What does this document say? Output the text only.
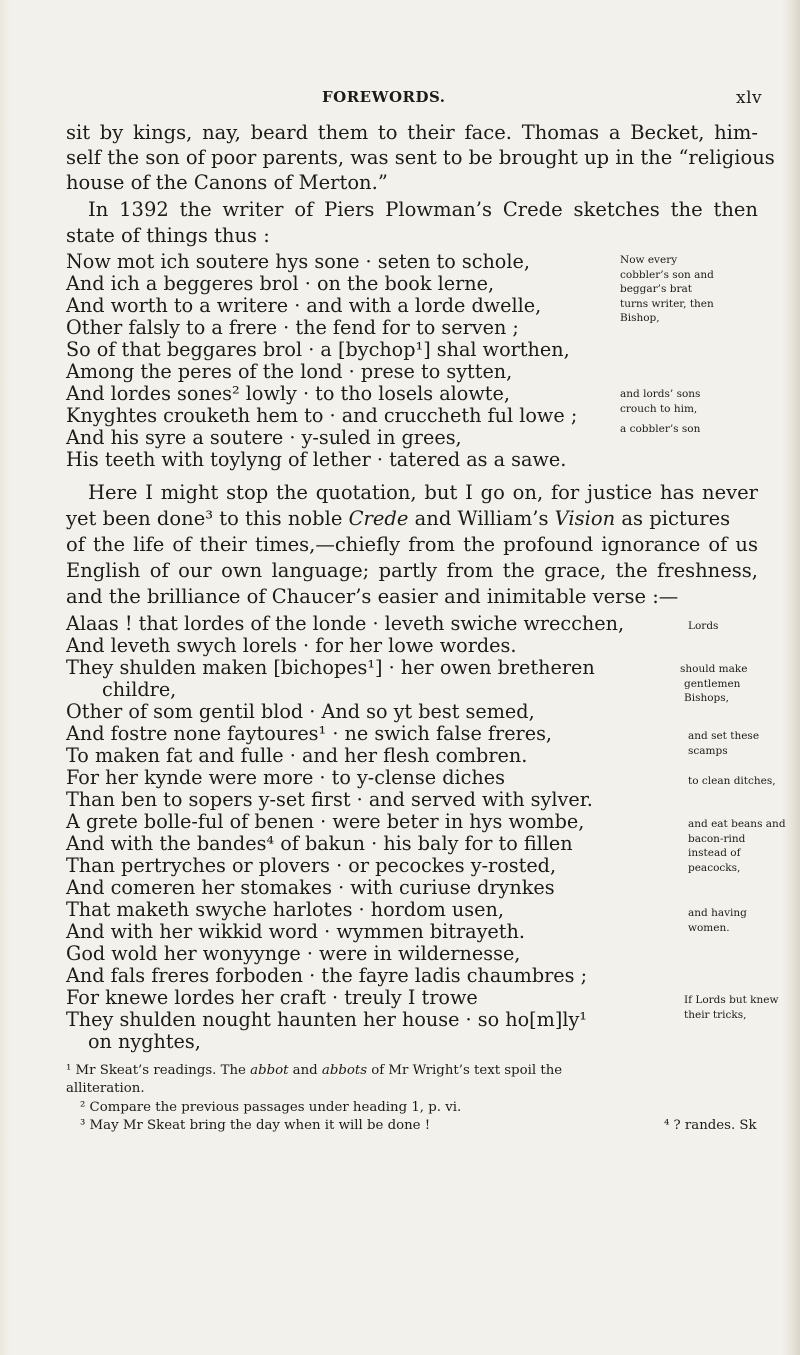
FOREWORDS.	xlv
sit by kings, nay, beard them to their face. Thomas a Becket, him-
self the son of poor parents, was sent to be brought up in the “religious
house of the Canons of Merton.”
In 1392 the writer of Piers Plowman’s Crede sketches the then
state of things thus :
Now mot ich soutere hys sone · seten to schole,
And ich a beggeres brol · on the book lerne,
And worth to a writere · and with a lorde dwelle,
Other falsly to a frere · the fend for to serven ;
So of that beggares brol · a [bychop¹] shal worthen,
Among the peres of the lond · prese to sytten,
And lordes sones² lowly · to tho losels alowte,
Knyghtes crouketh hem to · and cruccheth ful lowe ;
And his syre a soutere · y-suled in grees,
His teeth with toylyng of lether · tatered as a sawe.
Now every
cobbler’s son and
beggar’s brat
turns writer, then
Bishop,
and lords’ sons
crouch to him,
a cobbler’s son
Here I might stop the quotation, but I go on, for justice has never
yet been done³ to this noble Crede and William’s Vision as pictures
of the life of their times,—chiefly from the profound ignorance of us
English of our own language; partly from the grace, the freshness,
and the brilliance of Chaucer’s easier and inimitable verse :—
Alaas ! that lordes of the londe · leveth swiche wrecchen,
And leveth swych lorels · for her lowe wordes.
They shulden maken [bichopes¹] · her owen bretheren
childre,
Other of som gentil blod · And so yt best semed,
And fostre none faytoures¹ · ne swich false freres,
To maken fat and fulle · and her flesh combren.
For her kynde were more · to y-clense diches
Than ben to sopers y-set first · and served with sylver.
A grete bolle-ful of benen · were beter in hys wombe,
And with the bandes⁴ of bakun · his baly for to fillen
Than pertryches or plovers · or pecockes y-rosted,
And comeren her stomakes · with curiuse drynkes
That maketh swyche harlotes · hordom usen,
And with her wikkid word · wymmen bitrayeth.
God wold her wonyynge · were in wildernesse,
And fals freres forboden · the fayre ladis chaumbres ;
For knewe lordes her craft · treuly I trowe
They shulden nought haunten her house · so ho[m]ly¹
on nyghtes,
Lords
should make
gentlemen
Bishops,
and set these
scamps
to clean ditches,
and eat beans and
bacon-rind
instead of
peacocks,
and having
women.
If Lords but knew
their tricks,
¹ Mr Skeat’s readings. The abbot and abbots of Mr Wright’s text spoil the
alliteration.
² Compare the previous passages under heading 1, p. vi.
³ May Mr Skeat bring the day when it will be done !	⁴ ? randes. Sk
